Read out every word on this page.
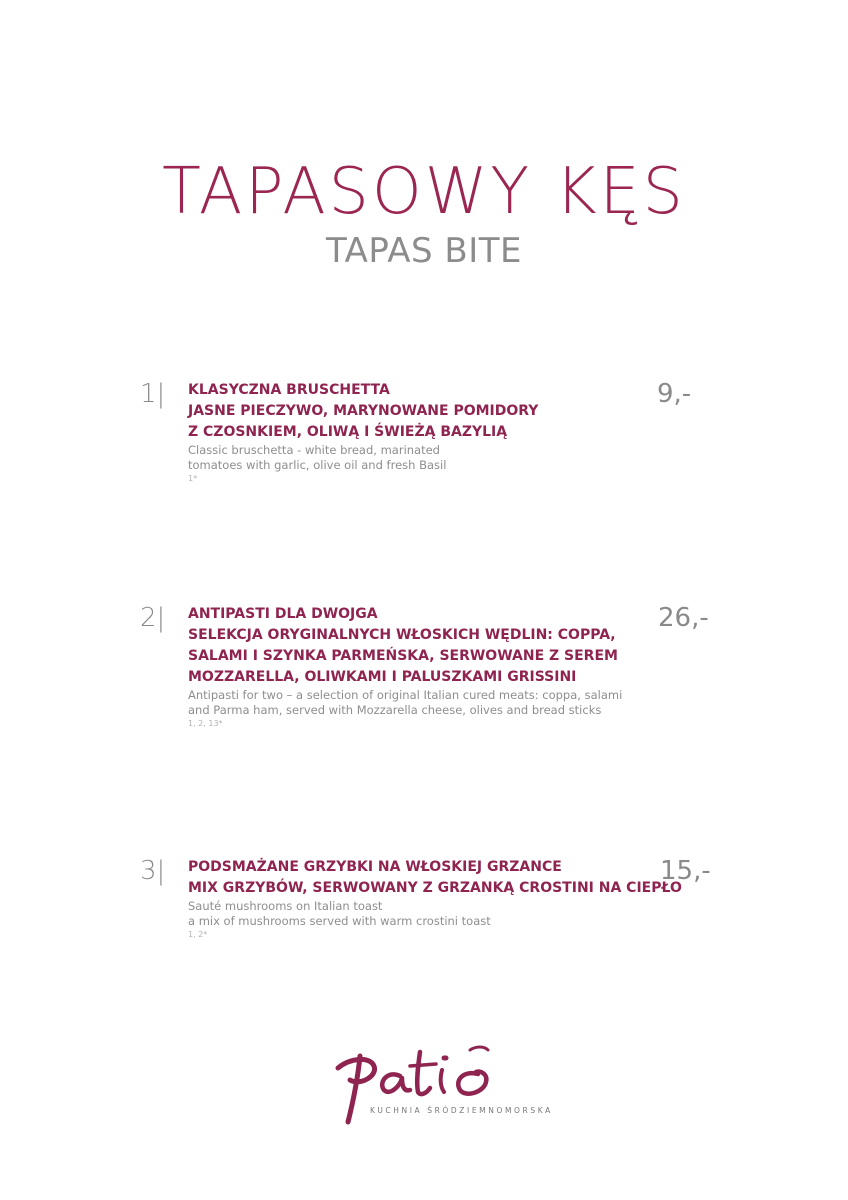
TAPASOWY KĘS
TAPAS BITE
1| KLASYCZNA BRUSCHETTA
JASNE PIECZYWO, MARYNOWANE POMIDORY
Z CZOSNKIEM, OLIWĄ I ŚWIEŻĄ BAZYLIĄ
Classic bruschetta - white bread, marinated
tomatoes with garlic, olive oil and fresh Basil
1*
9,-
2| ANTIPASTI DLA DWOJGA
SELEKCJA ORYGINALNYCH WŁOSKICH WĘDLIN: COPPA,
SALAMI I SZYNKA PARMEŃSKA, SERWOWANE Z SEREM
MOZZARELLA, OLIWKAMI I PALUSZKAMI GRISSINI
Antipasti for two – a selection of original Italian cured meats: coppa, salami
and Parma ham, served with Mozzarella cheese, olives and bread sticks
1, 2, 13*
26,-
3| PODSMAŻANE GRZYBKI NA WŁOSKIEJ GRZANCE
MIX GRZYBÓW, SERWOWANY Z GRZANKĄ CROSTINI NA CIEPŁO
Sauté mushrooms on Italian toast
a mix of mushrooms served with warm crostini toast
1, 2*
15,-
KUCHNIA ŚRÓDZIEMNOMORSKA
